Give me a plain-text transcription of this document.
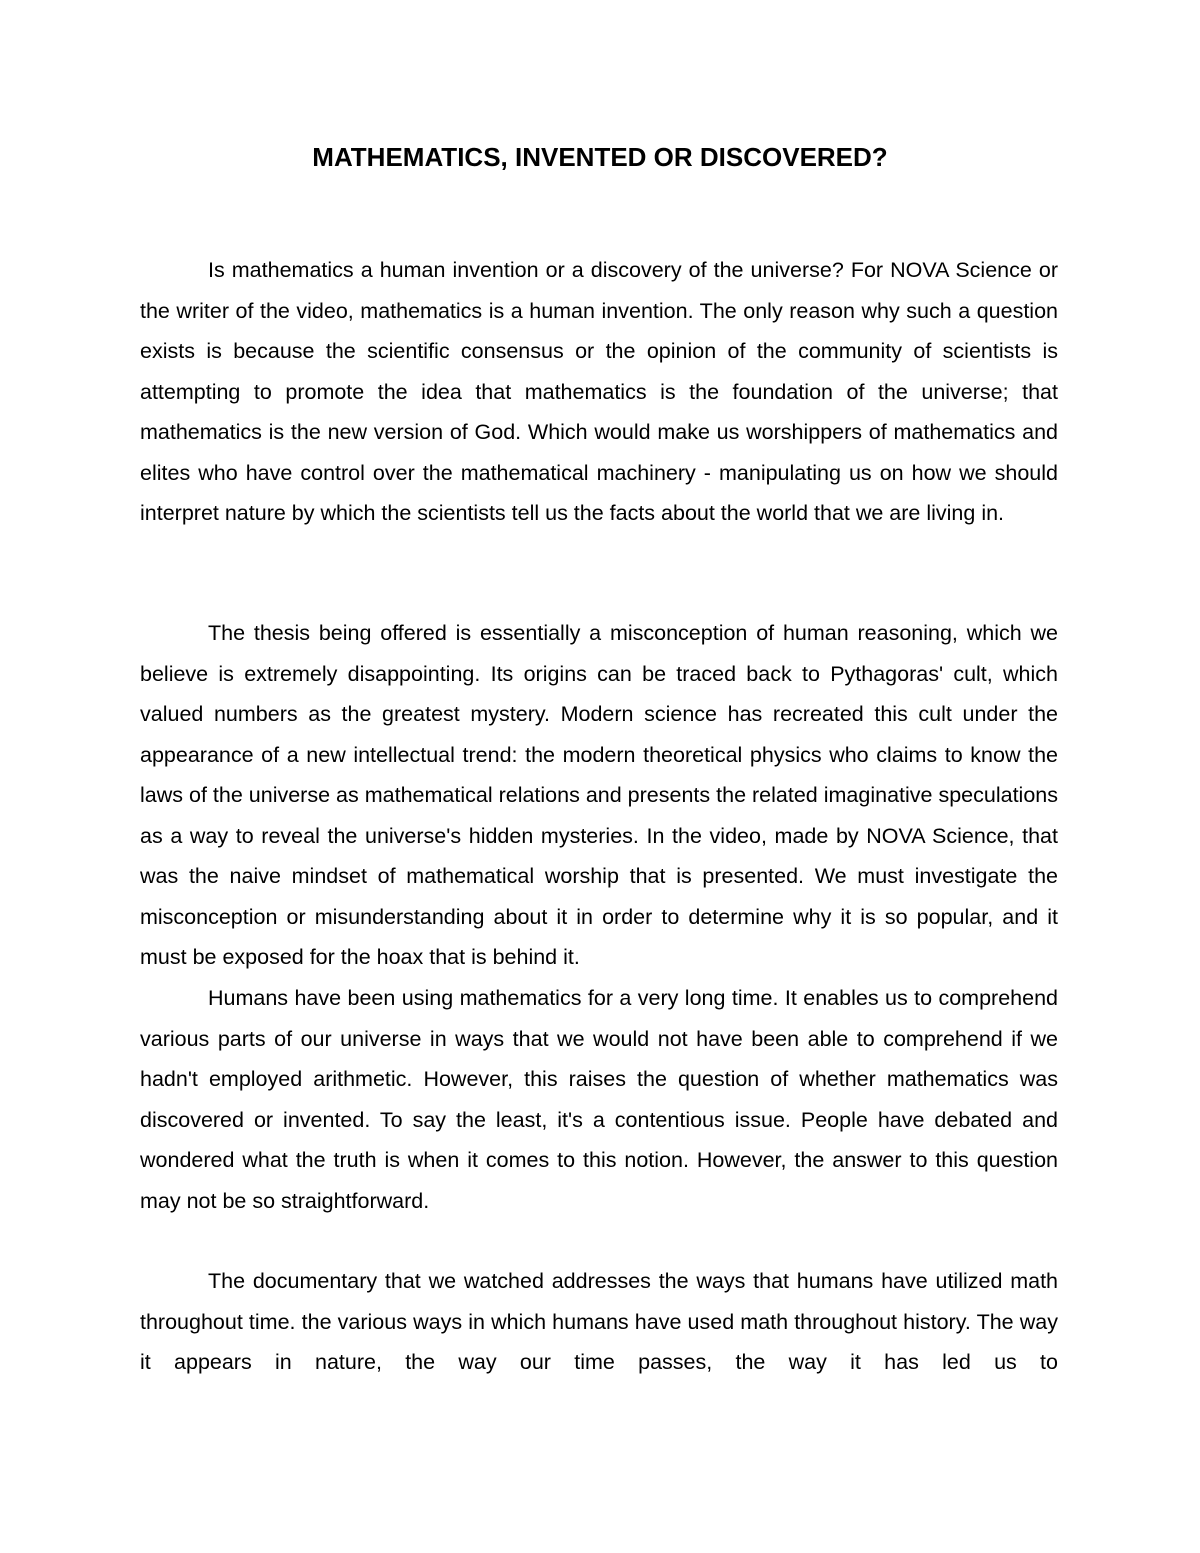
MATHEMATICS, INVENTED OR DISCOVERED?

Is mathematics a human invention or a discovery of the universe? For NOVA Science or the writer of the video, mathematics is a human invention. The only reason why such a question exists is because the scientific consensus or the opinion of the community of scientists is attempting to promote the idea that mathematics is the foundation of the universe; that mathematics is the new version of God. Which would make us worshippers of mathematics and elites who have control over the mathematical machinery - manipulating us on how we should interpret nature by which the scientists tell us the facts about the world that we are living in.

The thesis being offered is essentially a misconception of human reasoning, which we believe is extremely disappointing. Its origins can be traced back to Pythagoras' cult, which valued numbers as the greatest mystery. Modern science has recreated this cult under the appearance of a new intellectual trend: the modern theoretical physics who claims to know the laws of the universe as mathematical relations and presents the related imaginative speculations as a way to reveal the universe's hidden mysteries. In the video, made by NOVA Science, that was the naive mindset of mathematical worship that is presented. We must investigate the misconception or misunderstanding about it in order to determine why it is so popular, and it must be exposed for the hoax that is behind it.

Humans have been using mathematics for a very long time. It enables us to comprehend various parts of our universe in ways that we would not have been able to comprehend if we hadn't employed arithmetic. However, this raises the question of whether mathematics was discovered or invented. To say the least, it's a contentious issue. People have debated and wondered what the truth is when it comes to this notion. However, the answer to this question may not be so straightforward.

The documentary that we watched addresses the ways that humans have utilized math throughout time. the various ways in which humans have used math throughout history. The way it appears in nature, the way our time passes, the way it has led us to
